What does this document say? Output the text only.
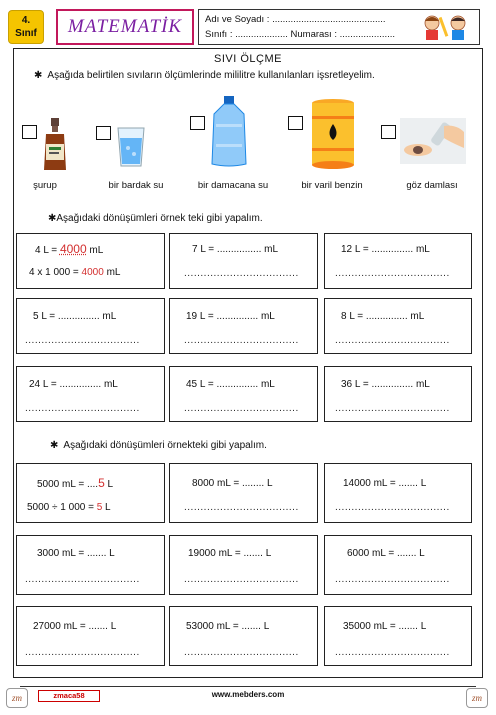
4.
Sınıf	MATEMATİK	Adı ve Soyadı : ...........................................
Sınıfı : .................... Numarası : .....................
SIVI ÖLÇME
✱ Aşağıda belirtilen sıvıların ölçümlerinde mililitre kullanılanları işsretleyelim.
şurup	bir bardak su	bir damacana su	bir varil benzin	göz damlası
✱Aşağıdaki dönüşümleri örnek teki gibi yapalım.
4 L = 4000 mL
4 x 1 000 = 4000 mL
7 L = ................ mL
...................................
12 L = ............... mL
...................................
5 L = ............... mL
...................................
19 L = ............... mL
...................................
8 L = ............... mL
...................................
24 L = ............... mL
...................................
45 L = ............... mL
...................................
36 L = ............... mL
...................................
✱ Aşağıdaki dönüşümleri örnekteki gibi yapalım.
5000 mL = ....5 L
5000 ÷ 1 000 = 5 L
8000 mL = ........ L
...................................
14000 mL = ....... L
...................................
3000 mL = ....... L
...................................
19000 mL = ....... L
...................................
6000 mL = ....... L
...................................
27000 mL = ....... L
...................................
53000 mL = ....... L
...................................
35000 mL = ....... L
...................................
zm	zmaca58	www.mebders.com	zm
